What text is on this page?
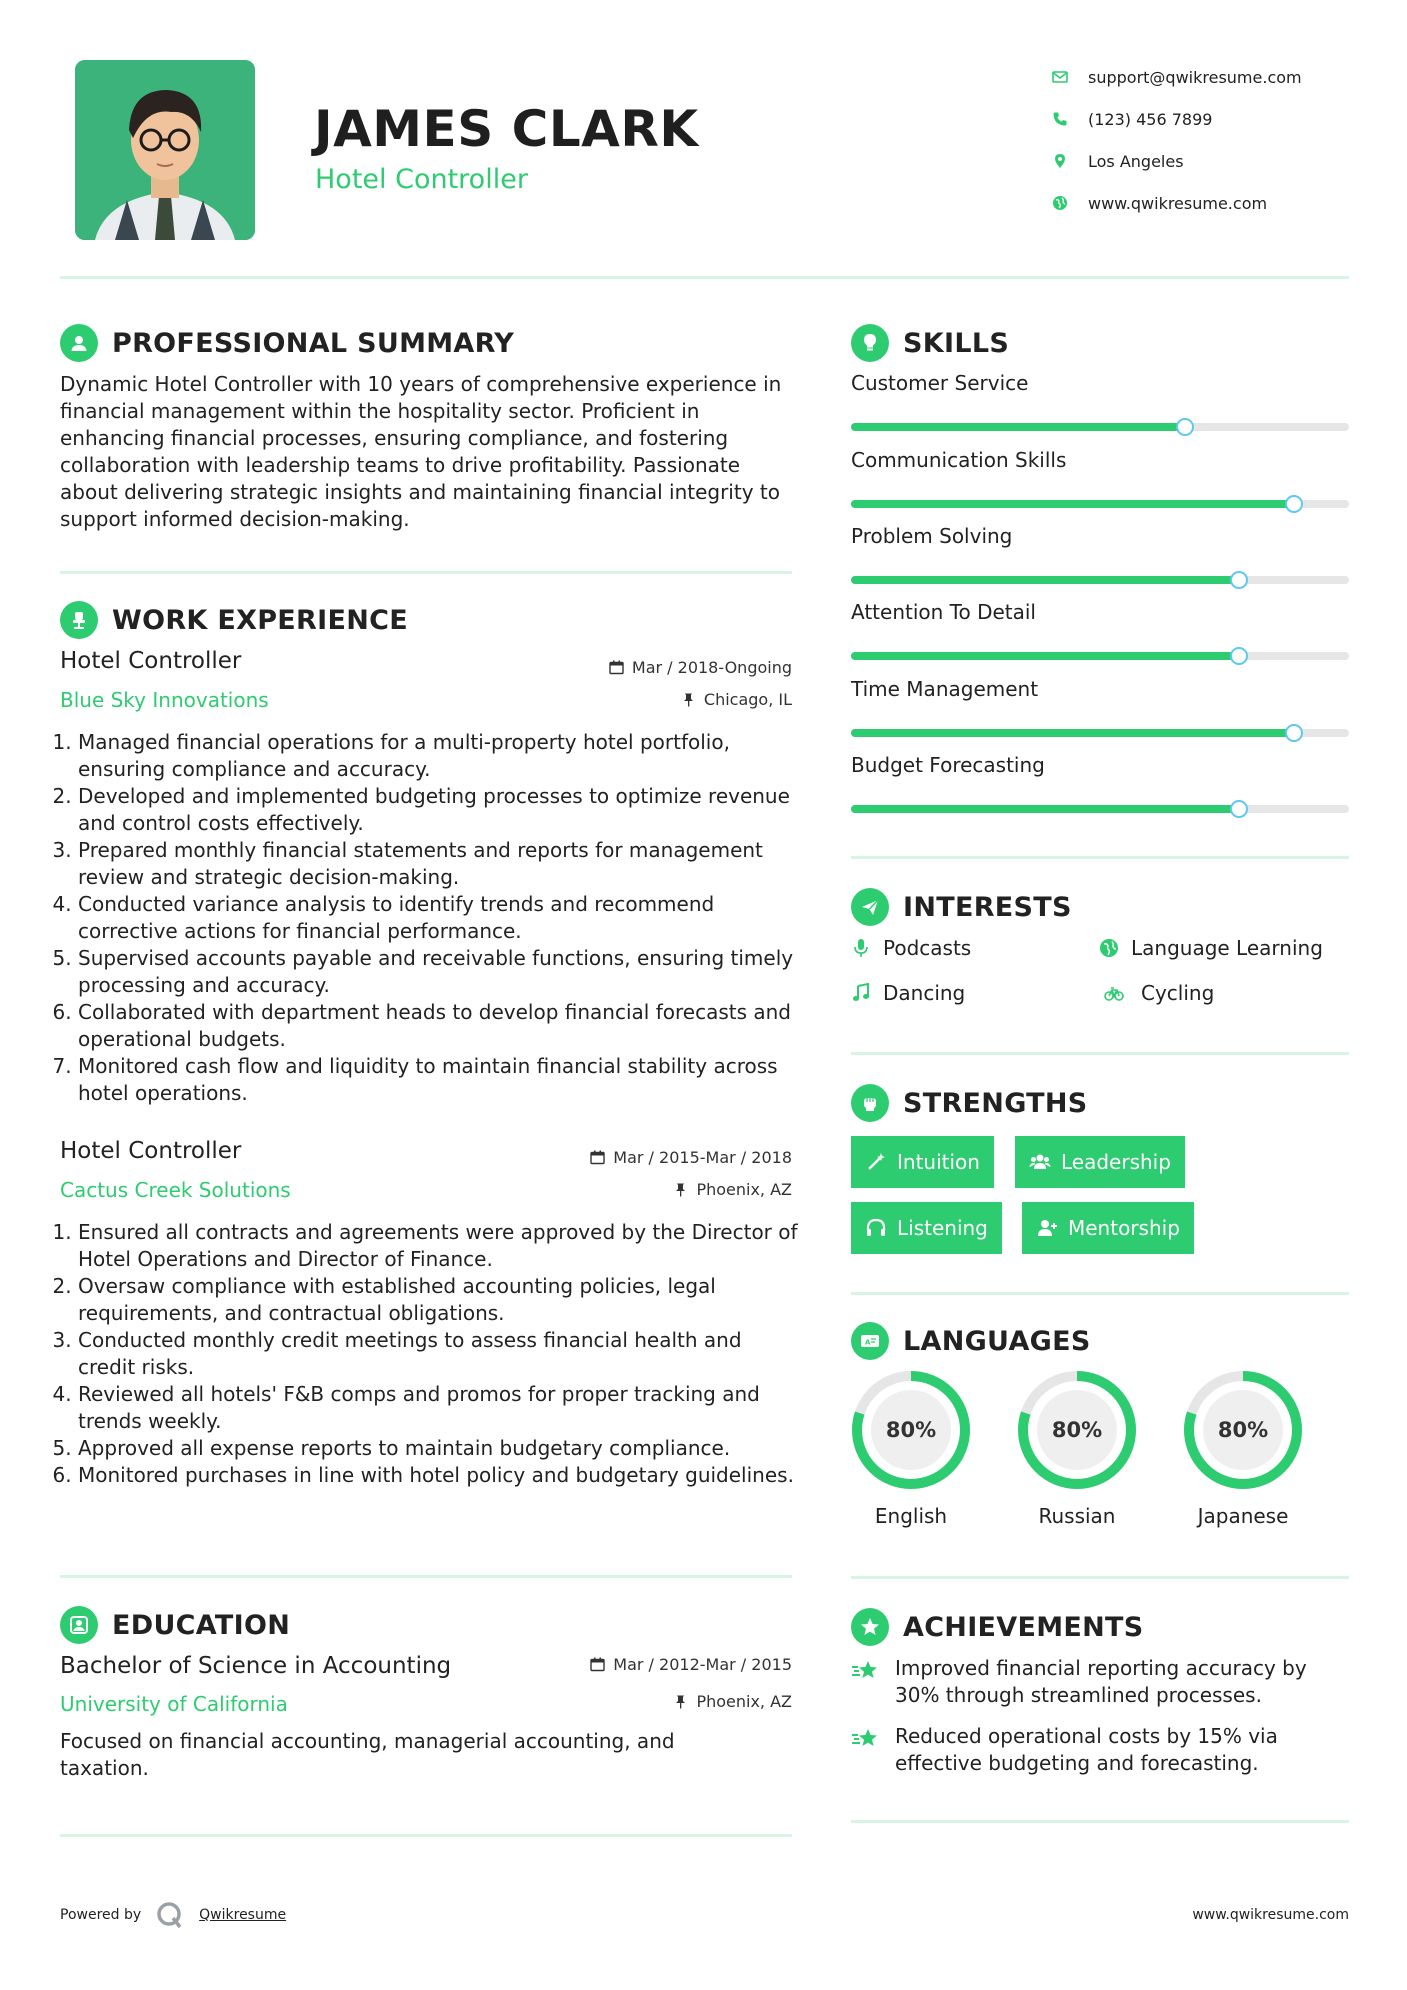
JAMES CLARK
Hotel Controller
support@qwikresume.com
(123) 456 7899
Los Angeles
www.qwikresume.com
PROFESSIONAL SUMMARY
Dynamic Hotel Controller with 10 years of comprehensive experience in financial management within the hospitality sector. Proficient in enhancing financial processes, ensuring compliance, and fostering collaboration with leadership teams to drive profitability. Passionate about delivering strategic insights and maintaining financial integrity to support informed decision-making.
WORK EXPERIENCE
Hotel Controller
Blue Sky Innovations
Mar / 2018-Ongoing
Chicago, IL
1. Managed financial operations for a multi-property hotel portfolio, ensuring compliance and accuracy.
2. Developed and implemented budgeting processes to optimize revenue and control costs effectively.
3. Prepared monthly financial statements and reports for management review and strategic decision-making.
4. Conducted variance analysis to identify trends and recommend corrective actions for financial performance.
5. Supervised accounts payable and receivable functions, ensuring timely processing and accuracy.
6. Collaborated with department heads to develop financial forecasts and operational budgets.
7. Monitored cash flow and liquidity to maintain financial stability across hotel operations.
Hotel Controller
Cactus Creek Solutions
Mar / 2015-Mar / 2018
Phoenix, AZ
1. Ensured all contracts and agreements were approved by the Director of Hotel Operations and Director of Finance.
2. Oversaw compliance with established accounting policies, legal requirements, and contractual obligations.
3. Conducted monthly credit meetings to assess financial health and credit risks.
4. Reviewed all hotels' F&B comps and promos for proper tracking and trends weekly.
5. Approved all expense reports to maintain budgetary compliance.
6. Monitored purchases in line with hotel policy and budgetary guidelines.
EDUCATION
Bachelor of Science in Accounting
University of California
Mar / 2012-Mar / 2015
Phoenix, AZ
Focused on financial accounting, managerial accounting, and taxation.
SKILLS
Customer Service
Communication Skills
Problem Solving
Attention To Detail
Time Management
Budget Forecasting
INTERESTS
Podcasts	Language Learning
Dancing	Cycling
STRENGTHS
Intuition	Leadership
Listening	Mentorship
A LANGUAGES
80%
English
80%
Russian
80%
Japanese
ACHIEVEMENTS
Improved financial reporting accuracy by 30% through streamlined processes.
Reduced operational costs by 15% via effective budgeting and forecasting.
Powered by	Qwikresume	www.qwikresume.com
